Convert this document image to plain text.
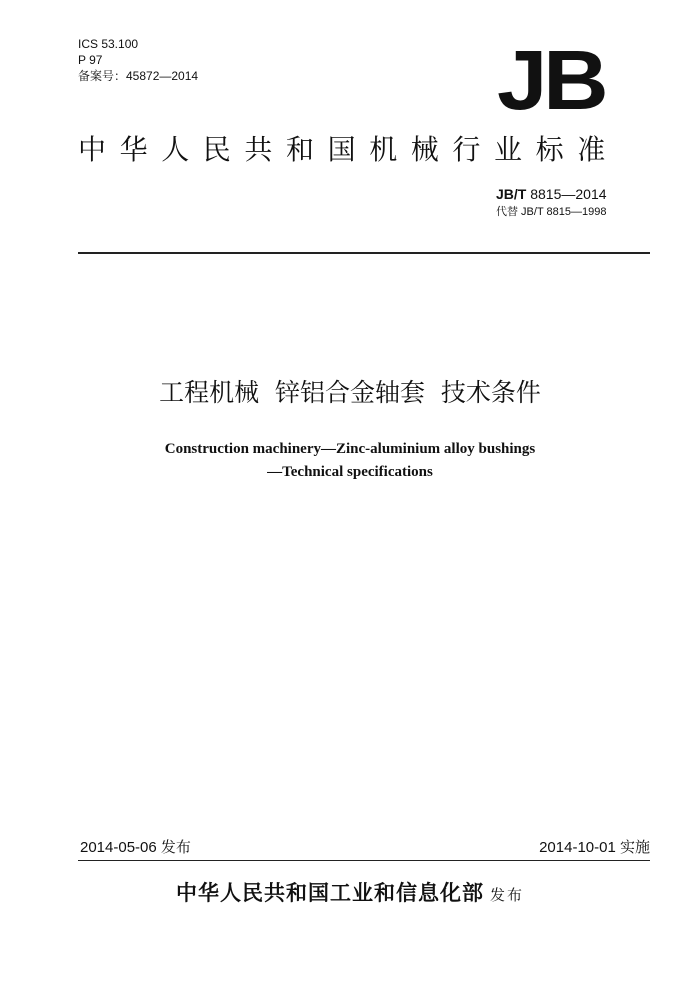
ICS 53.100
P 97
备案号：45872—2014	JB
中华人民共和国机械行业标准
JB/T 8815—2014
代替 JB/T 8815—1998
工程机械  锌铝合金轴套  技术条件
Construction machinery—Zinc-aluminium alloy bushings
—Technical specifications
2014-05-06 发布	2014-10-01 实施
中华人民共和国工业和信息化部 发布
